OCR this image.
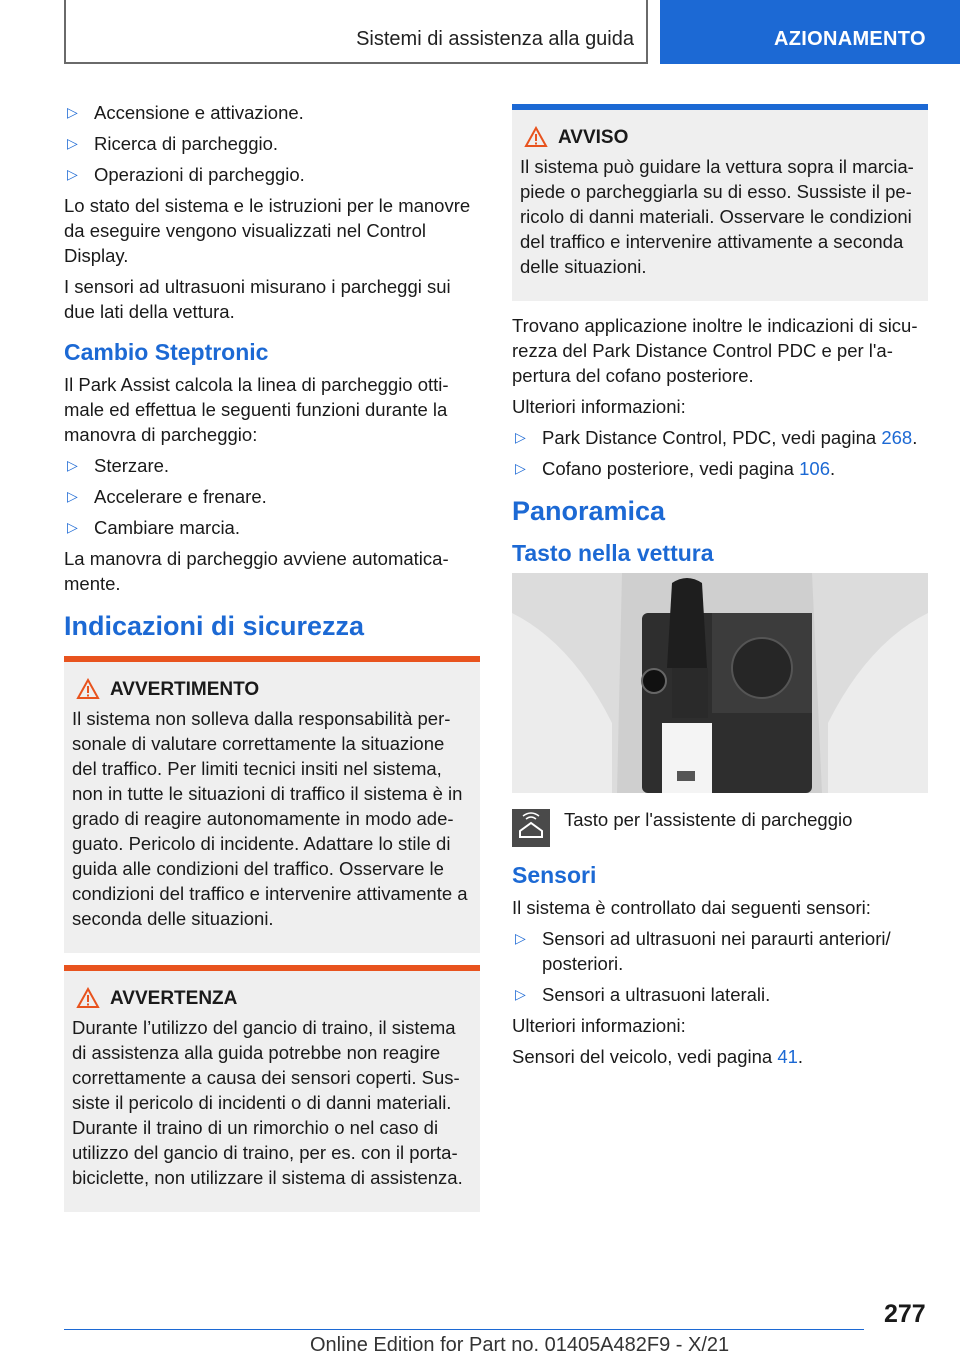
Sistemi di assistenza alla guida	AZIONAMENTO
▷ Accensione e attivazione.
▷ Ricerca di parcheggio.
▷ Operazioni di parcheggio.

Lo stato del sistema e le istruzioni per le manovre da eseguire vengono visualizzati nel Control Display.

I sensori ad ultrasuoni misurano i parcheggi sui due lati della vettura.

Cambio Steptronic

Il Park Assist calcola la linea di parcheggio ottimale ed effettua le seguenti funzioni durante la manovra di parcheggio:

▷ Sterzare.
▷ Accelerare e frenare.
▷ Cambiare marcia.

La manovra di parcheggio avviene automaticamente.

Indicazioni di sicurezza
AVVERTIMENTO
Il sistema non solleva dalla responsabilità personale di valutare correttamente la situazione del traffico. Per limiti tecnici insiti nel sistema, non in tutte le situazioni di traffico il sistema è in grado di reagire autonomamente in modo adeguato. Pericolo di incidente. Adattare lo stile di guida alle condizioni del traffico. Osservare le condizioni del traffico e intervenire attivamente a seconda delle situazioni.
AVVERTENZA
Durante l’utilizzo del gancio di traino, il sistema di assistenza alla guida potrebbe non reagire correttamente a causa dei sensori coperti. Sussiste il pericolo di incidenti o di danni materiali. Durante il traino di un rimorchio o nel caso di utilizzo del gancio di traino, per es. con il portabiciclette, non utilizzare il sistema di assistenza.
AVVISO
Il sistema può guidare la vettura sopra il marciapiede o parcheggiarla su di esso. Sussiste il pericolo di danni materiali. Osservare le condizioni del traffico e intervenire attivamente a seconda delle situazioni.

Trovano applicazione inoltre le indicazioni di sicurezza del Park Distance Control PDC e per l'apertura del cofano posteriore.

Ulteriori informazioni:

▷ Park Distance Control, PDC, vedi pagina 268.
▷ Cofano posteriore, vedi pagina 106.
Panoramica
Tasto nella vettura
Tasto per l'assistente di parcheggio
Sensori

Il sistema è controllato dai seguenti sensori:

▷ Sensori ad ultrasuoni nei paraurti anteriori/ posteriori.
▷ Sensori a ultrasuoni laterali.

Ulteriori informazioni:

Sensori del veicolo, vedi pagina 41.

277
Online Edition for Part no. 01405A482F9 - X/21
